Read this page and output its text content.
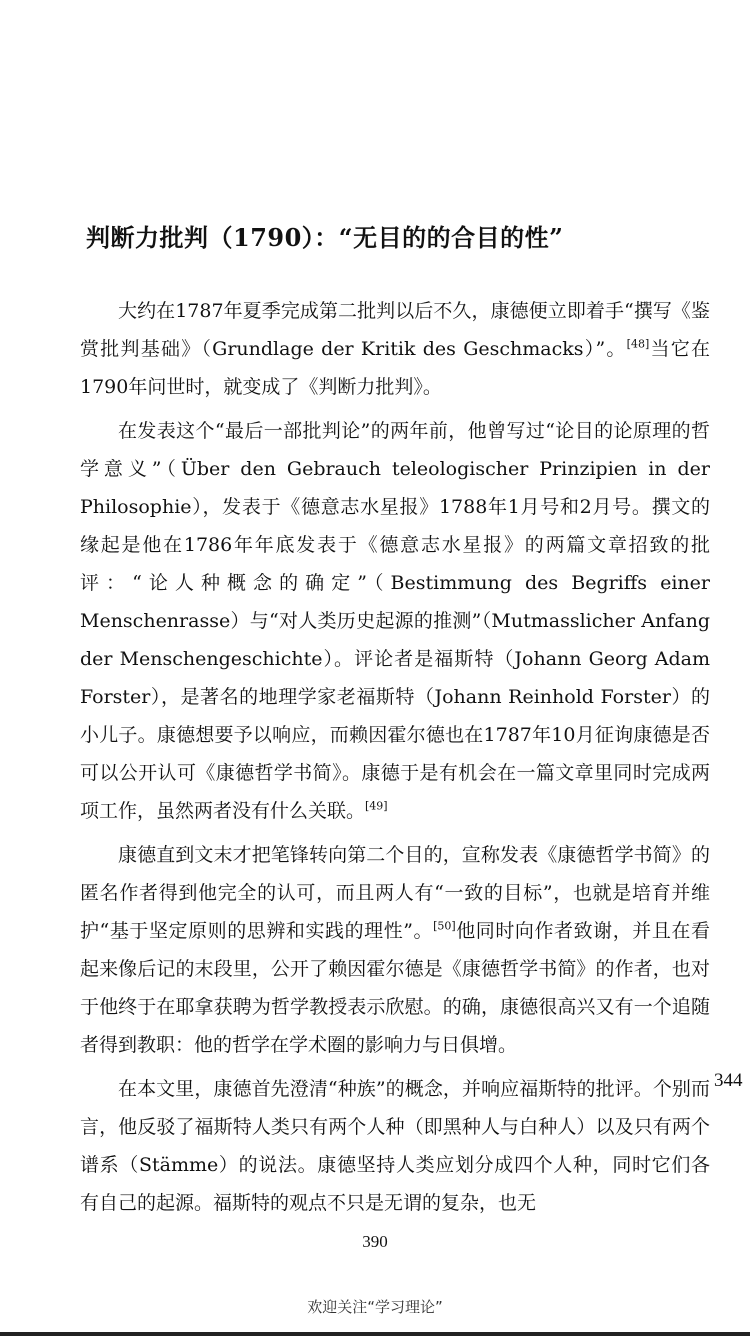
判断力批判（1790）：“无目的的合目的性”

大约在1787年夏季完成第二批判以后不久，康德便立即着手“撰写《鉴赏批判基础》（Grundlage der Kritik des Geschmacks）”。[48]当它在1790年问世时，就变成了《判断力批判》。

在发表这个“最后一部批判论”的两年前，他曾写过“论目的论原理的哲学意义”（Über den Gebrauch teleologischer Prinzipien in der Philosophie），发表于《德意志水星报》1788年1月号和2月号。撰文的缘起是他在1786年年底发表于《德意志水星报》的两篇文章招致的批评：“论人种概念的确定”（Bestimmung des Begriffs einer Menschenrasse）与“对人类历史起源的推测”（Mutmasslicher Anfang der Menschengeschichte）。评论者是福斯特（Johann Georg Adam Forster），是著名的地理学家老福斯特（Johann Reinhold Forster）的小儿子。康德想要予以响应，而赖因霍尔德也在1787年10月征询康德是否可以公开认可《康德哲学书简》。康德于是有机会在一篇文章里同时完成两项工作，虽然两者没有什么关联。[49]

康德直到文末才把笔锋转向第二个目的，宣称发表《康德哲学书简》的匿名作者得到他完全的认可，而且两人有“一致的目标”，也就是培育并维护“基于坚定原则的思辨和实践的理性”。[50]他同时向作者致谢，并且在看起来像后记的末段里，公开了赖因霍尔德是《康德哲学书简》的作者，也对于他终于在耶拿获聘为哲学教授表示欣慰。的确，康德很高兴又有一个追随者得到教职：他的哲学在学术圈的影响力与日俱增。

在本文里，康德首先澄清“种族”的概念，并响应福斯特的批评。个别而言，他反驳了福斯特人类只有两个人种（即黑种人与白种人）以及只有两个谱系（Stämme）的说法。康德坚持人类应划分成四个人种，同时它们各有自己的起源。福斯特的观点不只是无谓的复杂，也无

344
390
欢迎关注“学习理论”
